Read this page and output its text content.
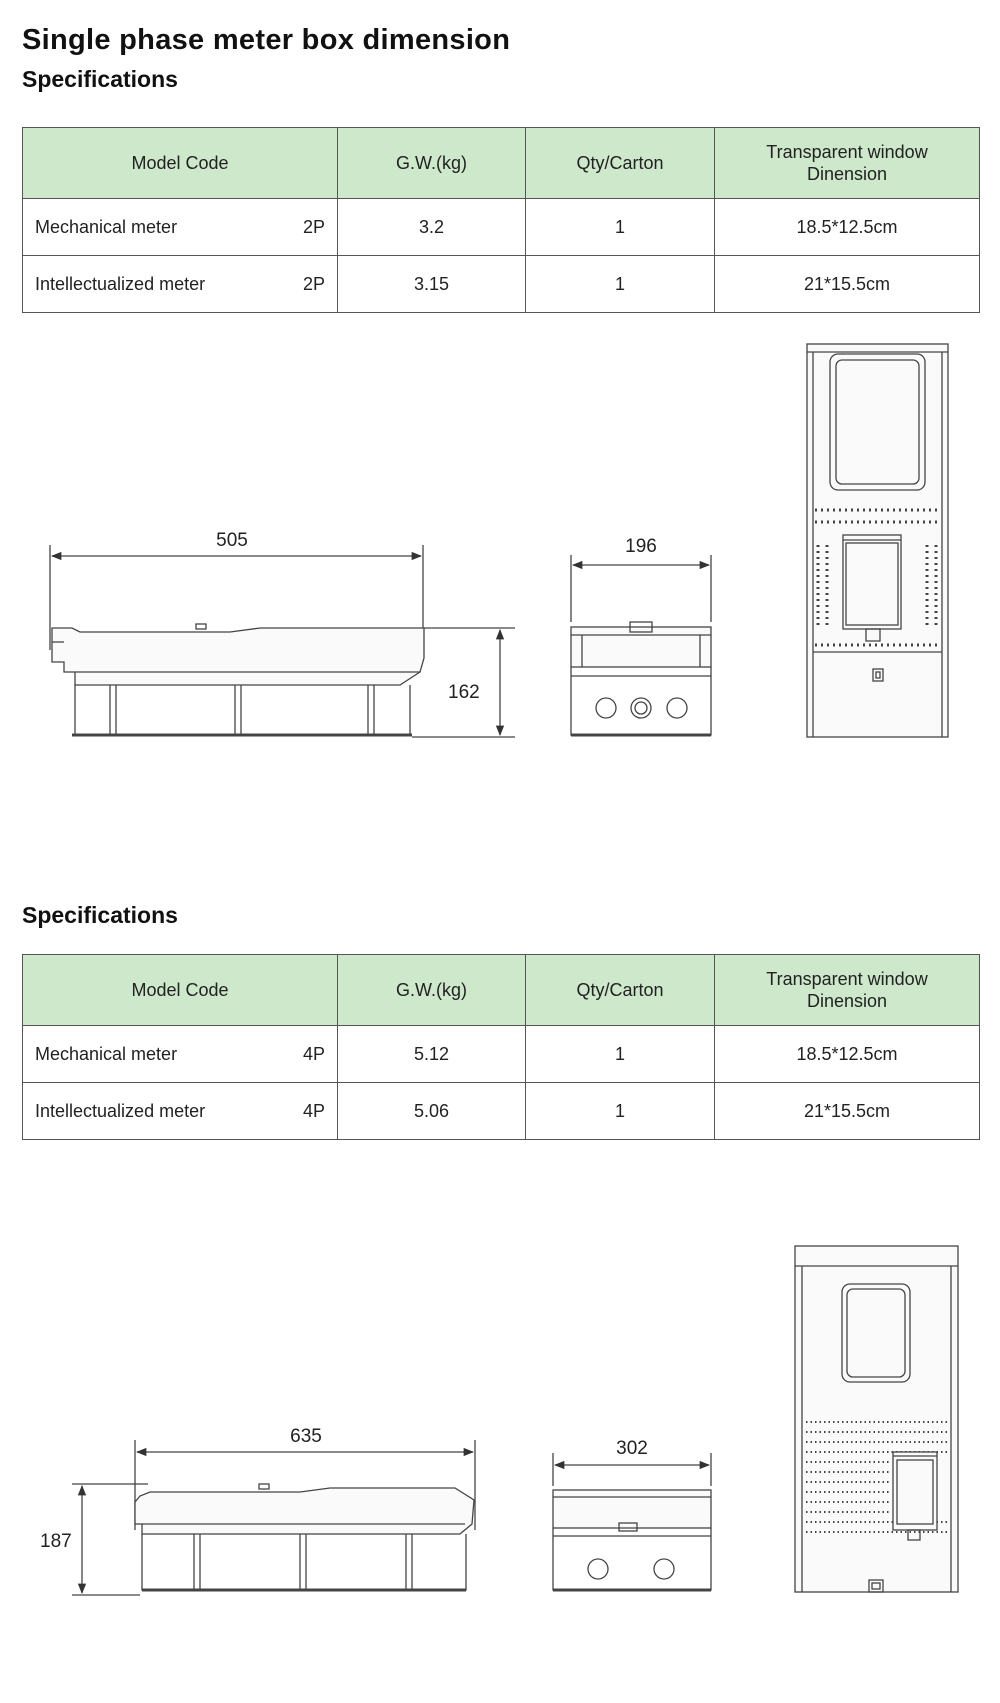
Single phase meter box dimension
Specifications
Model Code	G.W.(kg)	Qty/Carton	Transparent window
Dinension

Mechanical meter 2P	3.2	1	18.5*12.5cm

Intellectualized meter 2P	3.15	1	21*15.5cm
505
162
196
Specifications
Model Code	G.W.(kg)	Qty/Carton	Transparent window
Dinension

Mechanical meter 4P	5.12	1	18.5*12.5cm

Intellectualized meter 4P	5.06	1	21*15.5cm
635
187
302
